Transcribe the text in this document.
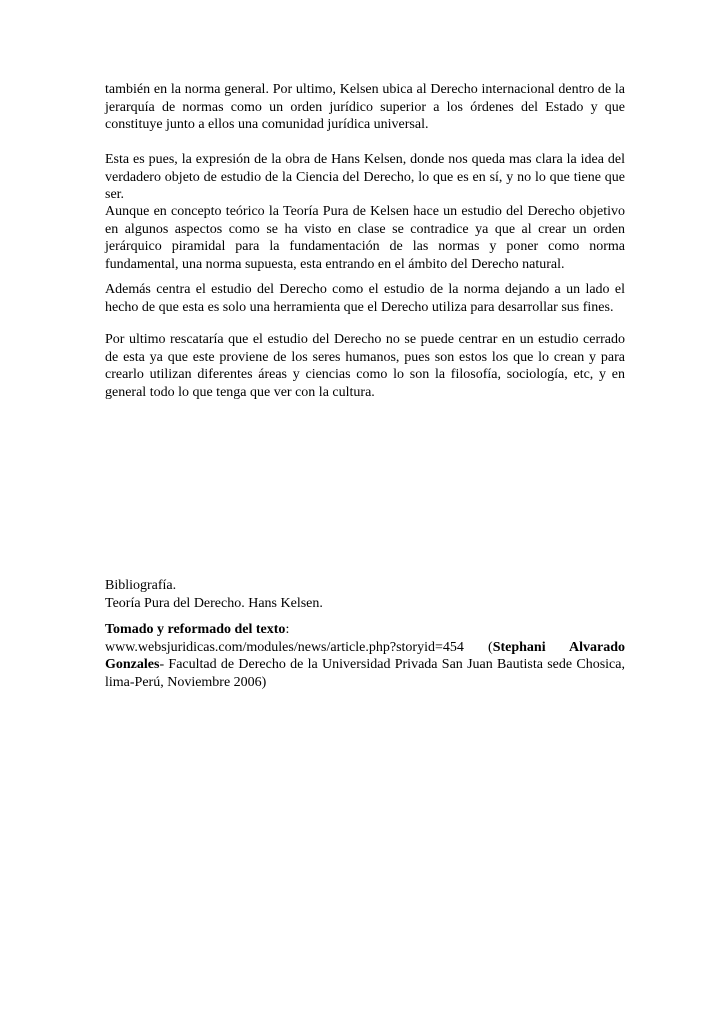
también en la norma general. Por ultimo, Kelsen ubica al Derecho internacional dentro de la jerarquía de normas como un orden jurídico superior a los órdenes del Estado y que constituye junto a ellos una comunidad jurídica universal.

Esta es pues, la expresión de la obra de Hans Kelsen, donde nos queda mas clara la idea del verdadero objeto de estudio de la Ciencia del Derecho, lo que es en sí, y no lo que tiene que ser.

Aunque en concepto teórico la Teoría Pura de Kelsen hace un estudio del Derecho objetivo en algunos aspectos como se ha visto en clase se contradice ya que al crear un orden jerárquico piramidal para la fundamentación de las normas y poner como norma fundamental, una norma supuesta, esta entrando en el ámbito del Derecho natural.

Además centra el estudio del Derecho como el estudio de la norma dejando a un lado el hecho de que esta es solo una herramienta que el Derecho utiliza para desarrollar sus fines.

Por ultimo rescataría que el estudio del Derecho no se puede centrar en un estudio cerrado de esta ya que este proviene de los seres humanos, pues son estos los que lo crean y para crearlo utilizan diferentes áreas y ciencias como lo son la filosofía, sociología, etc, y en general todo lo que tenga que ver con la cultura.

Bibliografía.

Teoría Pura del Derecho. Hans Kelsen.

Tomado y reformado del texto:
www.websjuridicas.com/modules/news/article.php?storyid=454 (Stephani Alvarado Gonzales- Facultad de Derecho de la Universidad Privada San Juan Bautista sede Chosica, lima-Perú, Noviembre 2006)
